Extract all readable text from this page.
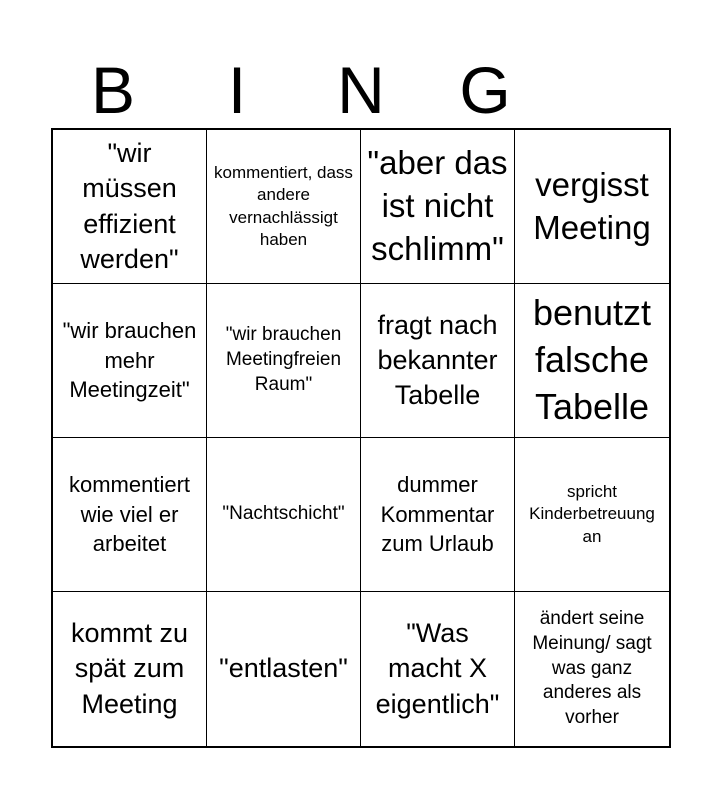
B	I	N	G
"wir müssen effizient werden"
kommentiert, dass andere vernachlässigt haben
"aber das ist nicht schlimm"
vergisst Meeting
"wir brauchen mehr Meetingzeit"
"wir brauchen Meetingfreien Raum"
fragt nach bekannter Tabelle
benutzt falsche Tabelle
kommentiert wie viel er arbeitet
"Nachtschicht"
dummer Kommentar zum Urlaub
spricht Kinderbetreuung an
kommt zu spät zum Meeting
"entlasten"
"Was macht X eigentlich"
ändert seine Meinung/ sagt was ganz anderes als vorher
